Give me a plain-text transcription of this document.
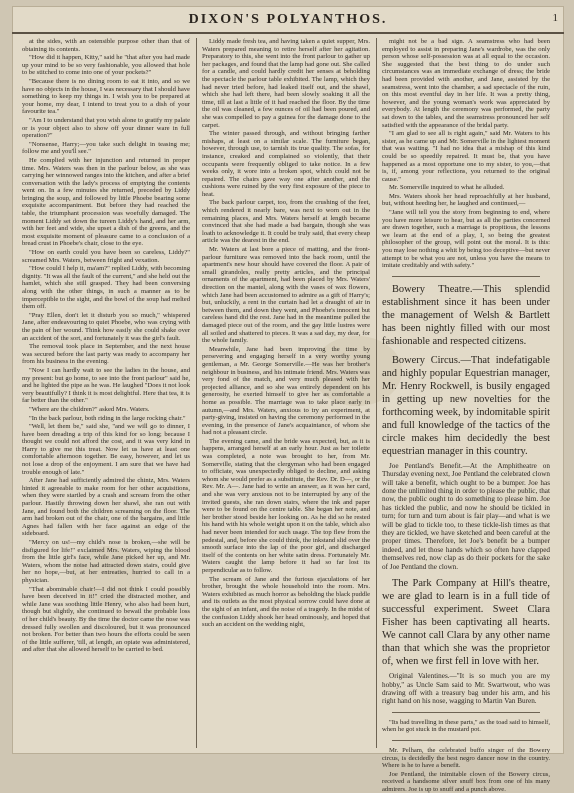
DIXON'S POLYANTHOS.	1

at the sides, with an ostensible purpose other than that of obtaining its contents.

"How did it happen, Kitty," said he "that after you had made up your mind to be so very fashionable, you allowed that hole to be stitched to come into one of your pockets?"

"Because there is no dining room to eat it into, and so we have no objects in the house, I was necessary that I should have something to keep my things in. I wish you to be prepared at your home, my dear, I intend to treat you to a dish of your favourite tea."

"Am I to understand that you wish alone to gratify my palate or is your object also to show off your dinner ware in full operation?"

"Nonsense, Harry;—you take such delight in teasing me; follow me and you'll see."

He complied with her injunction and returned in proper time. Mrs. Waters was then in the parlour below, as she was carrying her winnowed ranges into the kitchen, and after a brief conversation with the lady's process of emptying the contents went on. In a few minutes she returned, preceded by Liddy bringing the soup, and followed by little Phoebe bearing some exquisite accompaniment. But before they had reached the table, the triumphant procession was woefully damaged. The moment Liddy set down the tureen Liddy's hand, and her arm, with her feet and wide, she upset a dish of the greens, and the most exquisite moment of pleasure came to a conclusion of a bread crust in Phoebe's chair, close to the eye.

"How on earth could you have been so careless, Liddy?" screamed Mrs. Waters, between fright and vexation.

"How could I help it, ma'am?" replied Liddy, with becoming dignity. "It was all the fault of the current," and she held out the hamlet, which she still grasped. They had been conversing along with the other things, in such a manner as to be imperceptible to the sight, and the bowl of the soup had melted them off.

"Pray Ellen, don't let it disturb you so much," whispered Jane, after endeavouring to quiet Phoebe, who was crying with the pain of her wound. Think how easily she could shake over an accident of the sort, and fortunately it was the girl's fault.

The removal took place in September, and the next house was secured before the last party was ready to accompany her from his business in the evening.

"Now I can hardly wait to see the ladies in the house, and my present: but go home, to see into the front parlour" said he, and he lighted the pipe as he was. He laughed "Does it not look very beautifully? I think it is most delightful. Here that tea, it is far better than the other."

"Where are the children?" asked Mrs. Waters.

"In the back parlour, both riding in the large rocking chair."

"Well, let them be," said she, "and we will go to dinner, I have been dreading a trip of this kind for so long; because I thought we could not afford the cost, and it was very kind in Harry to give me this treat. Now let us have at least one comfortable afternoon together. Be easy, however, and let us not lose a drop of the enjoyment. I am sure that we have had trouble enough of late."

After Jane had sufficiently admired the chintz, Mrs. Waters hinted it agreeable to make room for her other acquisitions, when they were startled by a crash and scream from the other parlour. Hastily throwing down her shawl, she ran out with Jane, and found both the children screaming on the floor. The arm had broken out of the chair, one of the bargains, and little Agnes had fallen with her face against an edge of the sideboard.

"Mercy on us!—my child's nose is broken,—she will be disfigured for life!" exclaimed Mrs. Waters, wiping the blood from the little girl's face, while Jane picked her up, and Mr. Waters, whom the noise had attracted down stairs, could give her no hope,—but, at her entreaties, hurried to call in a physician.

"That abominable chair!—I did not think I could possibly have been deceived in it!" cried the distracted mother, and while Jane was soothing little Henry, who also had been hurt, though but slightly, she continued to bewail the probable loss of her child's beauty. By the time the doctor came the nose was dressed fully swollen and discoloured, but it was pronounced not broken. For better than two hours the efforts could be seen of the little sufferer, 'till, at length, an opiate was administered, and after that she allowed herself to be carried to bed.

Liddy made fresh tea, and having taken a quiet supper, Mrs. Waters prepared meaning to retire herself after her agitation. Preparatory to this, she went into the front parlour to gather up her packages, and found that the lamp had gone out. She called for a candle, and could hardly credit her senses at beholding the spectacle the parlour table exhibited. The lamp, which they had never tried before, had leaked itself out, and the shawl, which she had left there, had been slowly soaking it all the time, till at last a little of it had reached the floor. By the time the oil was cleaned, a few ounces of oil had been poured, and she was compelled to pay a guinea for the damage done to the carpet.

The winter passed through, and without bringing farther mishaps, at least on a similar scale. The furniture began, however, through use, to tarnish its true quality. The sofas, for instance, creaked and complained so violently, that their occupants were frequently obliged to take notice. In a few weeks only, it wore into a broken spot, which could not be repaired. The chairs gave way one after another, and the cushions were ruined by the very first exposure of the piece to heat.

The back parlour carpet, too, from the crushing of the feet, which rendered it nearly bare, was next to worn out in the remaining places, and Mrs. Waters herself at length became convinced that she had made a bad bargain, though she was loath to acknowledge it. It could be truly said, that every cheap article was the dearest in the end.

Mr. Waters at last bore a piece of matting, and the front-parlour furniture was removed into the back room, until the apartment's new hour should have covered the floor. A pair of small girandoles, really pretty articles, and the principal ornaments of the apartment, had been placed by Mrs. Waters' direction on the mantel, along with the vases of wax flowers, which Jane had been accustomed to admire as a gift of Harry's; but, unluckily, a rent in the curtain had let a draught of air in between them, and down they went, and Phoebe's innocent but careless hand did the rest. Jane had in the meantime pulled the damaged piece out of the room, and the gay little lustres were all soiled and shattered to pieces. It was a sad day, my dear, for the whole family.

Meanwhile, Jane had been improving the time by persevering and engaging herself in a very worthy young gentleman, a Mr. George Somerville.—He was her brother's neighbour in business, and his intimate friend. Mrs. Waters was very fond of the match, and very much pleased with her projected alliance, and so she was entirely dependent on his generosity, he exerted himself to give her as comfortable a home as possible. The marriage was to take place early in autumn,—and Mrs. Waters, anxious to try an experiment, at party-giving, insisted on having the ceremony performed in the evening, in the presence of Jane's acquaintance, of whom she had not a pleasant circle.

The evening came, and the bride was expected, but, as it is happens, arranged herself at an early hour. Just as her toilette was completed, a note was brought to her, from Mr. Somerville, stating that the clergyman who had been engaged to officiate, was unexpectedly obliged to decline, and asking whom she would prefer as a substitute, the Rev. Dr. D—, or the Rev. Mr. A—. Jane had to write an answer, as it was her card, and she was very anxious not to be interrupted by any of the invited guests, she ran down stairs, where the ink and paper were to be found on the centre table. She began her note, and her brother stood beside her looking on. As he did so he rested his hand with his whole weight upon it on the table, which also had never been intended for such usage. The top flew from the pedestal, and, before she could think, the inkstand slid over the smooth surface into the lap of the poor girl, and discharged itself of the contents on her white satin dress. Fortunately Mr. Waters caught the lamp before it had so far lost its perpendicular as to follow.

The scream of Jane and the furious ejaculations of her brother, brought the whole household into the room. Mrs. Waters exhibited as much horror as beholding the black puddle and its outlets as the most physical sorrow could have done at the sight of an infant, and the noise of a tragedy. In the midst of the confusion Liddy shook her head ominously, and hoped that such an accident on the wedding night,

might not be a bad sign. A seamstress who had been employed to assist in preparing Jane's wardrobe, was the only person whose self-possession was at all equal to the occasion. She suggested that the best thing to do under such circumstances was an immediate exchange of dress; the bride had been provided with another, and Jane, assisted by the seamstress, went into the chamber, a sad spectacle of the ruin, on this most eventful day in her life. It was a pretty thing, however, and the young woman's work was appreciated by everybody. At length the ceremony was performed, the party sat down to the tables, and the seamstress pronounced her self satisfied with the appearance of the bridal party.

"I am glad to see all is right again," said Mr. Waters to his sister, as he came up and Mr. Somerville in the lightest moment that was waiting. "I had no idea that a mishap of this kind could be so speedily repaired. It must be, that you have happened as a most opportune one to my sister, to you,—that is, if, among your reflections, you returned to the original cause."

Mr. Somerville inquired to what he alluded.

Mrs. Waters shook her head reproachfully at her husband, but, without heeding her, he laughed and continued,—

"Jane will tell you the story from beginning to end, where you have more leisure to hear, but as all the parties concerned are drawn together, such a marriage is propitious, the lessons we learn at the end of a play, I, so being the greatest philosopher of the group, will point out the moral. It is this: you may lose nothing a whit by being too deceptive—but never attempt to be what you are not, unless you have the means to imitate creditably and with safety."

Bowery Theatre.—This splendid establishment since it has been under the management of Welsh & Bartlett has been nightly filled with our most fashionable and respected citizens.

Bowery Circus.—That indefatigable and highly popular Equestrian manager, Mr. Henry Rockwell, is busily engaged in getting up new novelties for the forthcoming week, by indomitable spirit and full knowledge of the tactics of the circle makes him decidedly the best equestrian manager in this country.

Joe Pentland's Benefit.—At the Amphitheatre on Thursday evening next, Joe Pentland the celebrated clown will take a benefit, which ought to be a bumper. Joe has done the unlimited thing in order to please the public, that now, the public ought to do something to please him. Joe has tickled the public, and now he should be tickled in turn; for turn and turn about is fair play—and what is we will be glad to tickle too, to these tickle-lish times as that they are tickled, we have sketched and been careful at the proper times. Therefore, let Joe's benefit be a bumper indeed, and let those hands which so often have clapped themselves red, now clap as do their pockets for the sake of Joe Pentland the clown.

The Park Company at Hill's theatre, we are glad to learn is in a full tide of successful experiment. Sweet Clara Fisher has been captivating all hearts. We cannot call Clara by any other name than that which she was the proprietor of, when we first fell in love with her.

Original Valentines.—"It is so much you are my hobby," as Uncle Sam said to Mr. Swartwout, who was drawing off with a treasury bag under his arm, and his right hand on his nose, wagging to Martin Van Buren.

"Its bad travelling in these parts," as the toad said to himself, when he got stuck in the mustard pot.

Mr. Pelham, the celebrated buffo singer of the Bowery circus, is decidedly the best negro dancer now in the country. Where is he to have a benefit.

Joe Pentland, the inimitable clown of the Bowery circus, received a handsome silver snuff box from one of his many admirers. Joe is up to snuff and a punch above.
